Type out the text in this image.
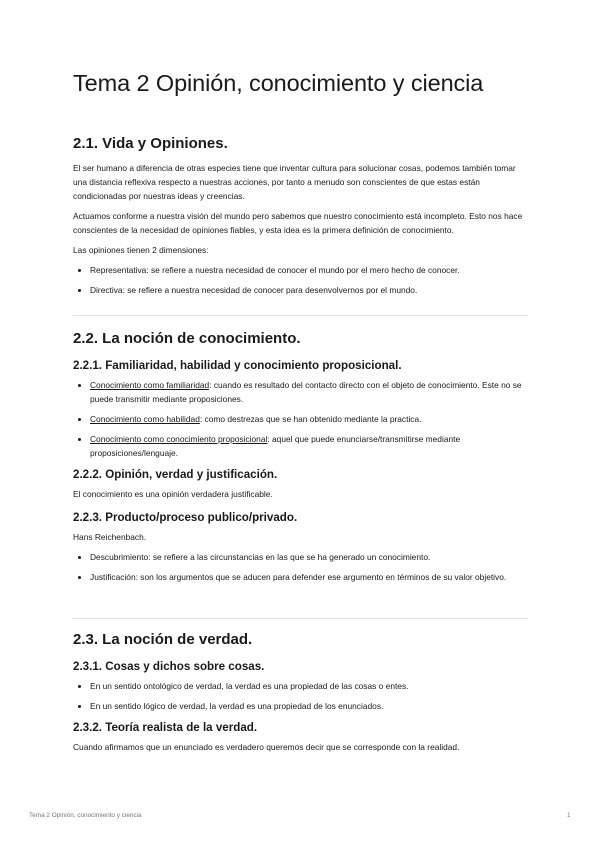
Tema 2 Opinión, conocimiento y ciencia
2.1. Vida y Opiniones.

El ser humano a diferencia de otras especies tiene que inventar cultura para solucionar cosas, podemos también tomar una distancia reflexiva respecto a nuestras acciones, por tanto a menudo son conscientes de que estas están condicionadas por nuestras ideas y creencias.

Actuamos conforme a nuestra visión del mundo pero sabemos que nuestro conocimiento está incompleto. Esto nos hace conscientes de la necesidad de opiniones fiables, y esta idea es la primera definición de conocimiento.

Las opiniones tienen 2 dimensiones:

• Representativa: se refiere a nuestra necesidad de conocer el mundo por el mero hecho de conocer.
• Directiva: se refiere a nuestra necesidad de conocer para desenvolvernos por el mundo.
2.2. La noción de conocimiento.
2.2.1. Familiaridad, habilidad y conocimiento proposicional.
• Conocimiento como familiaridad: cuando es resultado del contacto directo con el objeto de conocimiento. Este no se puede transmitir mediante proposiciones.
• Conocimiento como habilidad: como destrezas que se han obtenido mediante la practica.
• Conocimiento como conocimiento proposicional: aquel que puede enunciarse/transmitirse mediante proposiciones/lenguaje.
2.2.2. Opinión, verdad y justificación.

El conocimiento es una opinión verdadera justificable.

2.2.3. Producto/proceso publico/privado.

Hans Reichenbach.

• Descubrimiento: se refiere a las circunstancias en las que se ha generado un conocimiento.
• Justificación: son los argumentos que se aducen para defender ese argumento en términos de su valor objetivo.
2.3. La noción de verdad.
2.3.1. Cosas y dichos sobre cosas.
• En un sentido ontológico de verdad, la verdad es una propiedad de las cosas o entes.
• En un sentido lógico de verdad, la verdad es una propiedad de los enunciados.
2.3.2. Teoría realista de la verdad.

Cuando afirmamos que un enunciado es verdadero queremos decir que se corresponde con la realidad.

Tema 2 Opinión, conocimiento y ciencia	1
